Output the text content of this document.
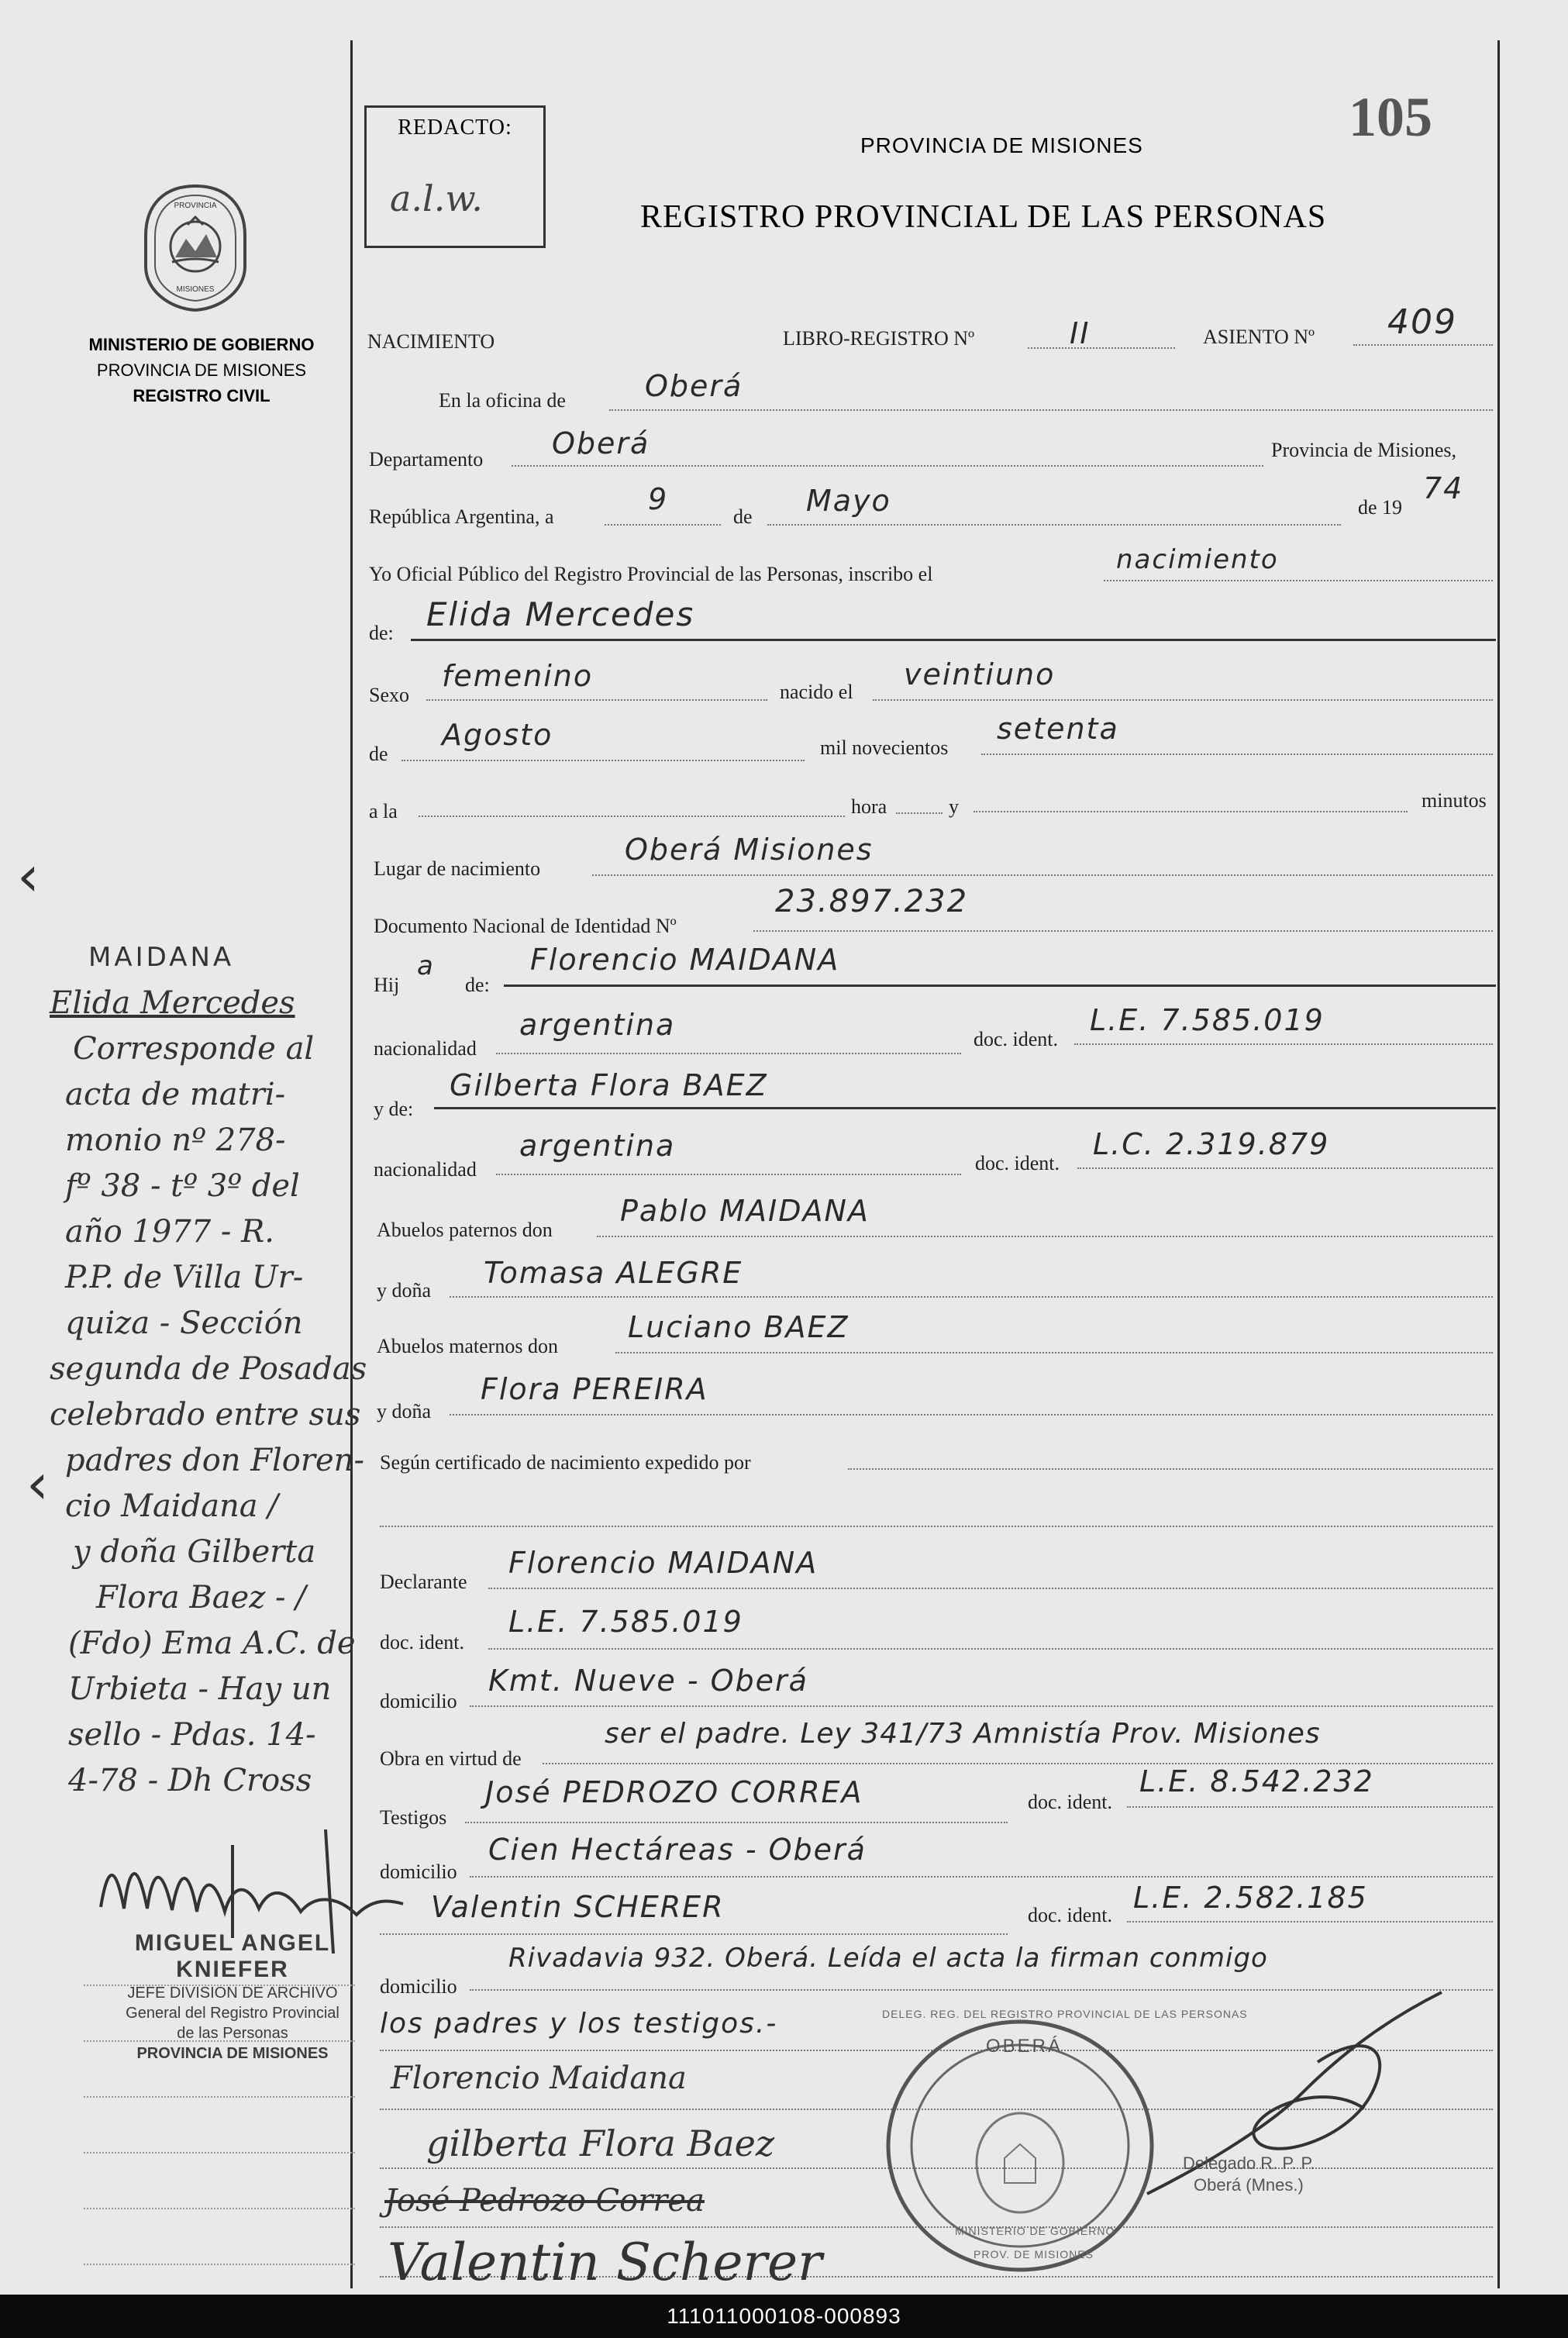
‹
‹
REDACTO:
a.l.w.
105
PROVINCIA DE MISIONES
REGISTRO PROVINCIAL DE LAS PERSONAS
PROVINCIA
MISIONES
MINISTERIO DE GOBIERNO
PROVINCIA DE MISIONES
REGISTRO CIVIL
NACIMIENTO	LIBRO-REGISTRO Nº	II	ASIENTO Nº 409
En la oficina de	Oberá
Departamento Oberá	Provincia de Misiones,
República Argentina, a
9
de Mayo	de 19
74
Yo Oficial Público del Registro Provincial de las Personas, inscribo el	nacimiento
de: Elida Mercedes
Sexo
femenino	nacido el
veintiuno
de
Agosto	mil novecientos
setenta
a la	hora	y	minutos
Lugar de nacimiento
Oberá Misiones
Documento Nacional de Identidad Nº
23.897.232
Hij
a
de:
Florencio MAIDANA
nacionalidad
argentina	doc. ident.
L.E. 7.585.019
y de:
Gilberta Flora BAEZ
nacionalidad
argentina
doc. ident.
L.C. 2.319.879
Abuelos paternos don
Pablo MAIDANA
y doña
Tomasa ALEGRE
Abuelos maternos don
Luciano BAEZ
y doña
Flora PEREIRA
Según certificado de nacimiento expedido por
Declarante
Florencio MAIDANA
doc. ident.
L.E. 7.585.019
domicilio
Kmt. Nueve - Oberá
Obra en virtud de
ser el padre. Ley 341/73 Amnistía Prov. Misiones
Testigos
José PEDROZO CORREA	doc. ident.
L.E. 8.542.232
domicilio
Cien Hectáreas - Oberá
Valentin SCHERER	doc. ident.
L.E. 2.582.185
domicilio
Rivadavia 932. Oberá. Leída el acta la firman conmigo
los padres y los testigos.-
MAIDANA
Elida Mercedes
Corresponde al
acta de matri-
monio nº 278-
fº 38 - tº 3º del
año 1977 - R.
P.P. de Villa Ur-
quiza - Sección
segunda de Posadas
celebrado entre sus
padres don Floren-
cio Maidana /
y doña Gilberta
Flora Baez - /
(Fdo) Ema A.C. de
Urbieta - Hay un
sello - Pdas. 14-
4-78 - Dh Cross
MIGUEL ANGEL KNIEFER
JEFE DIVISION DE ARCHIVO
General del Registro Provincial
de las Personas
PROVINCIA DE MISIONES
Florencio Maidana
gilberta Flora Baez
José Pedrozo Correa
Valentin Scherer
OBERÁ
DELEG. REG. DEL REGISTRO PROVINCIAL DE LAS PERSONAS
MINISTERIO DE GOBIERNO
PROV. DE MISIONES
Delegado R. P. P.
Oberá (Mnes.)
111011000108-000893
